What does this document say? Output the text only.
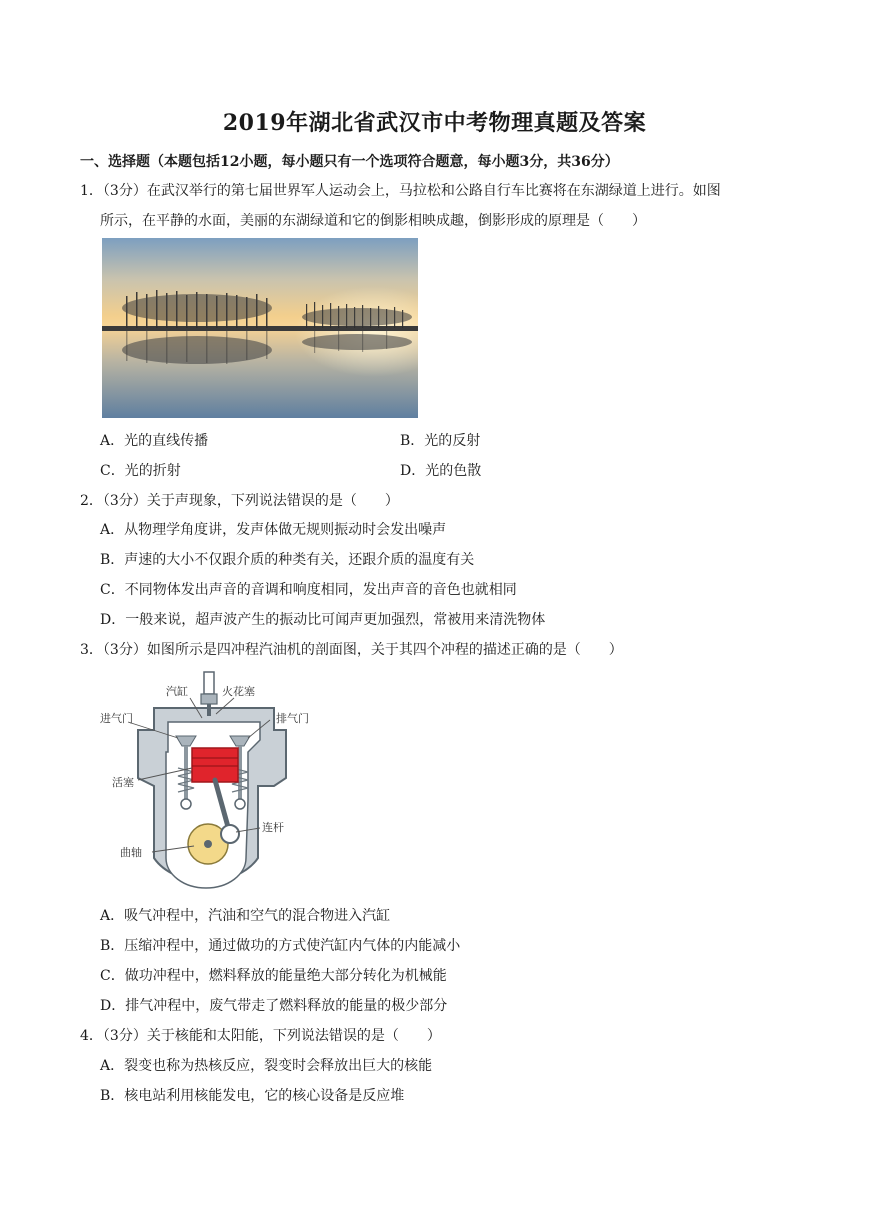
2019年湖北省武汉市中考物理真题及答案
一、选择题（本题包括12小题，每小题只有一个选项符合题意，每小题3分，共36分）
1．（3分）在武汉举行的第七届世界军人运动会上，马拉松和公路自行车比赛将在东湖绿道上进行。如图
所示，在平静的水面，美丽的东湖绿道和它的倒影相映成趣，倒影形成的原理是（　　）
A．光的直线传播	B．光的反射
C．光的折射	D．光的色散
2．（3分）关于声现象，下列说法错误的是（　　）
A．从物理学角度讲，发声体做无规则振动时会发出噪声
B．声速的大小不仅跟介质的种类有关，还跟介质的温度有关
C．不同物体发出声音的音调和响度相同，发出声音的音色也就相同
D．一般来说，超声波产生的振动比可闻声更加强烈，常被用来清洗物体
3．（3分）如图所示是四冲程汽油机的剖面图，关于其四个冲程的描述正确的是（　　）
汽缸	火花塞
进气门	排气门
活塞
连杆
曲轴
A．吸气冲程中，汽油和空气的混合物进入汽缸
B．压缩冲程中，通过做功的方式使汽缸内气体的内能减小
C．做功冲程中，燃料释放的能量绝大部分转化为机械能
D．排气冲程中，废气带走了燃料释放的能量的极少部分
4．（3分）关于核能和太阳能，下列说法错误的是（　　）
A．裂变也称为热核反应，裂变时会释放出巨大的核能
B．核电站利用核能发电，它的核心设备是反应堆
